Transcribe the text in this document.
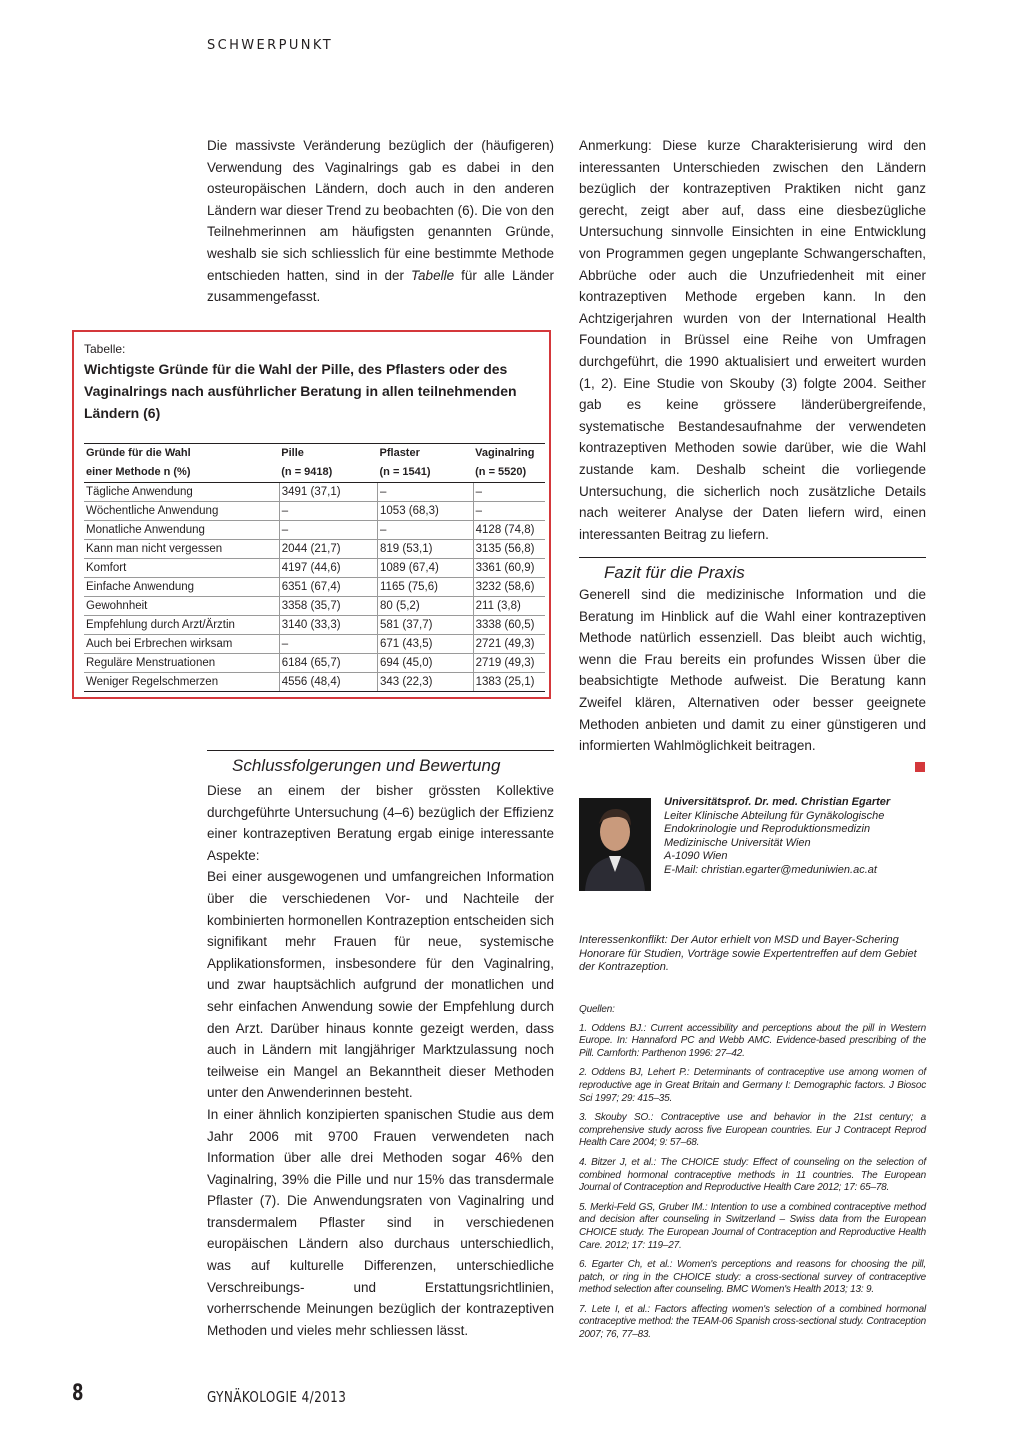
SCHWERPUNKT

Die massivste Veränderung bezüglich der (häufigeren) Verwendung des Vaginalrings gab es dabei in den osteuropäischen Ländern, doch auch in den anderen Ländern war dieser Trend zu beobachten (6). Die von den Teilnehmerinnen am häufigsten genannten Gründe, weshalb sie sich schliesslich für eine bestimmte Methode entschieden hatten, sind in der Tabelle für alle Länder zusammengefasst.

Tabelle:
Wichtigste Gründe für die Wahl der Pille, des Pflasters oder des Vaginalrings nach ausführlicher Beratung in allen teilnehmenden Ländern (6)
Gründe für die Wahl	Pille	Pflaster	Vaginalring
einer Methode n (%)	(n = 9418)	(n = 1541)	(n = 5520)
Tägliche Anwendung	3491 (37,1)	–	–
Wöchentliche Anwendung	–	1053 (68,3)	–
Monatliche Anwendung	–	–	4128 (74,8)
Kann man nicht vergessen	2044 (21,7)	819 (53,1)	3135 (56,8)
Komfort	4197 (44,6)	1089 (67,4)	3361 (60,9)
Einfache Anwendung	6351 (67,4)	1165 (75,6)	3232 (58,6)
Gewohnheit	3358 (35,7)	80 (5,2)	211 (3,8)
Empfehlung durch Arzt/Ärztin	3140 (33,3)	581 (37,7)	3338 (60,5)
Auch bei Erbrechen wirksam	–	671 (43,5)	2721 (49,3)
Reguläre Menstruationen	6184 (65,7)	694 (45,0)	2719 (49,3)
Weniger Regelschmerzen	4556 (48,4)	343 (22,3)	1383 (25,1)
Schlussfolgerungen und Bewertung

Diese an einem der bisher grössten Kollektive durchgeführte Untersuchung (4–6) bezüglich der Effizienz einer kontrazeptiven Beratung ergab einige interessante Aspekte:

Bei einer ausgewogenen und umfangreichen Information über die verschiedenen Vor- und Nachteile der kombinierten hormonellen Kontrazeption entscheiden sich signifikant mehr Frauen für neue, systemische Applikationsformen, insbesondere für den Vaginalring, und zwar hauptsächlich aufgrund der monatlichen und sehr einfachen Anwendung sowie der Empfehlung durch den Arzt. Darüber hinaus konnte gezeigt werden, dass auch in Ländern mit langjähriger Marktzulassung noch teilweise ein Mangel an Bekanntheit dieser Methoden unter den Anwenderinnen besteht.

In einer ähnlich konzipierten spanischen Studie aus dem Jahr 2006 mit 9700 Frauen verwendeten nach Information über alle drei Methoden sogar 46% den Vaginalring, 39% die Pille und nur 15% das transdermale Pflaster (7). Die Anwendungsraten von Vaginalring und transdermalem Pflaster sind in verschiedenen europäischen Ländern also durchaus unterschiedlich, was auf kulturelle Differenzen, unterschiedliche Verschreibungs- und Erstattungsrichtlinien, vorherrschende Meinungen bezüglich der kontrazeptiven Methoden und vieles mehr schliessen lässt.

Anmerkung: Diese kurze Charakterisierung wird den interessanten Unterschieden zwischen den Ländern bezüglich der kontrazeptiven Praktiken nicht ganz gerecht, zeigt aber auf, dass eine diesbezügliche Untersuchung sinnvolle Einsichten in eine Entwicklung von Programmen gegen ungeplante Schwangerschaften, Abbrüche oder auch die Unzufriedenheit mit einer kontrazeptiven Methode ergeben kann. In den Achtzigerjahren wurden von der International Health Foundation in Brüssel eine Reihe von Umfragen durchgeführt, die 1990 aktualisiert und erweitert wurden (1, 2). Eine Studie von Skouby (3) folgte 2004. Seither gab es keine grössere länderübergreifende, systematische Bestandesaufnahme der verwendeten kontrazeptiven Methoden sowie darüber, wie die Wahl zustande kam. Deshalb scheint die vorliegende Untersuchung, die sicherlich noch zusätzliche Details nach weiterer Analyse der Daten liefern wird, einen interessanten Beitrag zu liefern.

Fazit für die Praxis

Generell sind die medizinische Information und die Beratung im Hinblick auf die Wahl einer kontrazeptiven Methode natürlich essenziell. Das bleibt auch wichtig, wenn die Frau bereits ein profundes Wissen über die beabsichtigte Methode aufweist. Die Beratung kann Zweifel klären, Alternativen oder besser geeignete Methoden anbieten und damit zu einer günstigeren und informierten Wahlmöglichkeit beitragen.

Universitätsprof. Dr. med. Christian Egarter
Leiter Klinische Abteilung für Gynäkologische
Endokrinologie und Reproduktionsmedizin
Medizinische Universität Wien
A-1090 Wien
E-Mail: christian.egarter@meduniwien.ac.at
Interessenkonflikt: Der Autor erhielt von MSD und Bayer-Schering Honorare für Studien, Vorträge sowie Expertentreffen auf dem Gebiet der Kontrazeption.
Quellen:
1. Oddens BJ.: Current accessibility and perceptions about the pill in Western Europe. In: Hannaford PC and Webb AMC. Evidence-based prescribing of the Pill. Carnforth: Parthenon 1996: 27–42.
2. Oddens BJ, Lehert P.: Determinants of contraceptive use among women of reproductive age in Great Britain and Germany I: Demographic factors. J Biosoc Sci 1997; 29: 415–35.
3. Skouby SO.: Contraceptive use and behavior in the 21st century; a comprehensive study across five European countries. Eur J Contracept Reprod Health Care 2004; 9: 57–68.
4. Bitzer J, et al.: The CHOICE study: Effect of counseling on the selection of combined hormonal contraceptive methods in 11 countries. The European Journal of Contraception and Reproductive Health Care 2012; 17: 65–78.
5. Merki-Feld GS, Gruber IM.: Intention to use a combined contraceptive method and decision after counseling in Switzerland – Swiss data from the European CHOICE study. The European Journal of Contraception and Reproductive Health Care. 2012; 17: 119–27.
6. Egarter Ch, et al.: Women's perceptions and reasons for choosing the pill, patch, or ring in the CHOICE study: a cross-sectional survey of contraceptive method selection after counseling. BMC Women's Health 2013; 13: 9.
7. Lete I, et al.: Factors affecting women's selection of a combined hormonal contraceptive method: the TEAM-06 Spanish cross-sectional study. Contraception 2007; 76, 77–83.
8	GYNÄKOLOGIE 4/2013
